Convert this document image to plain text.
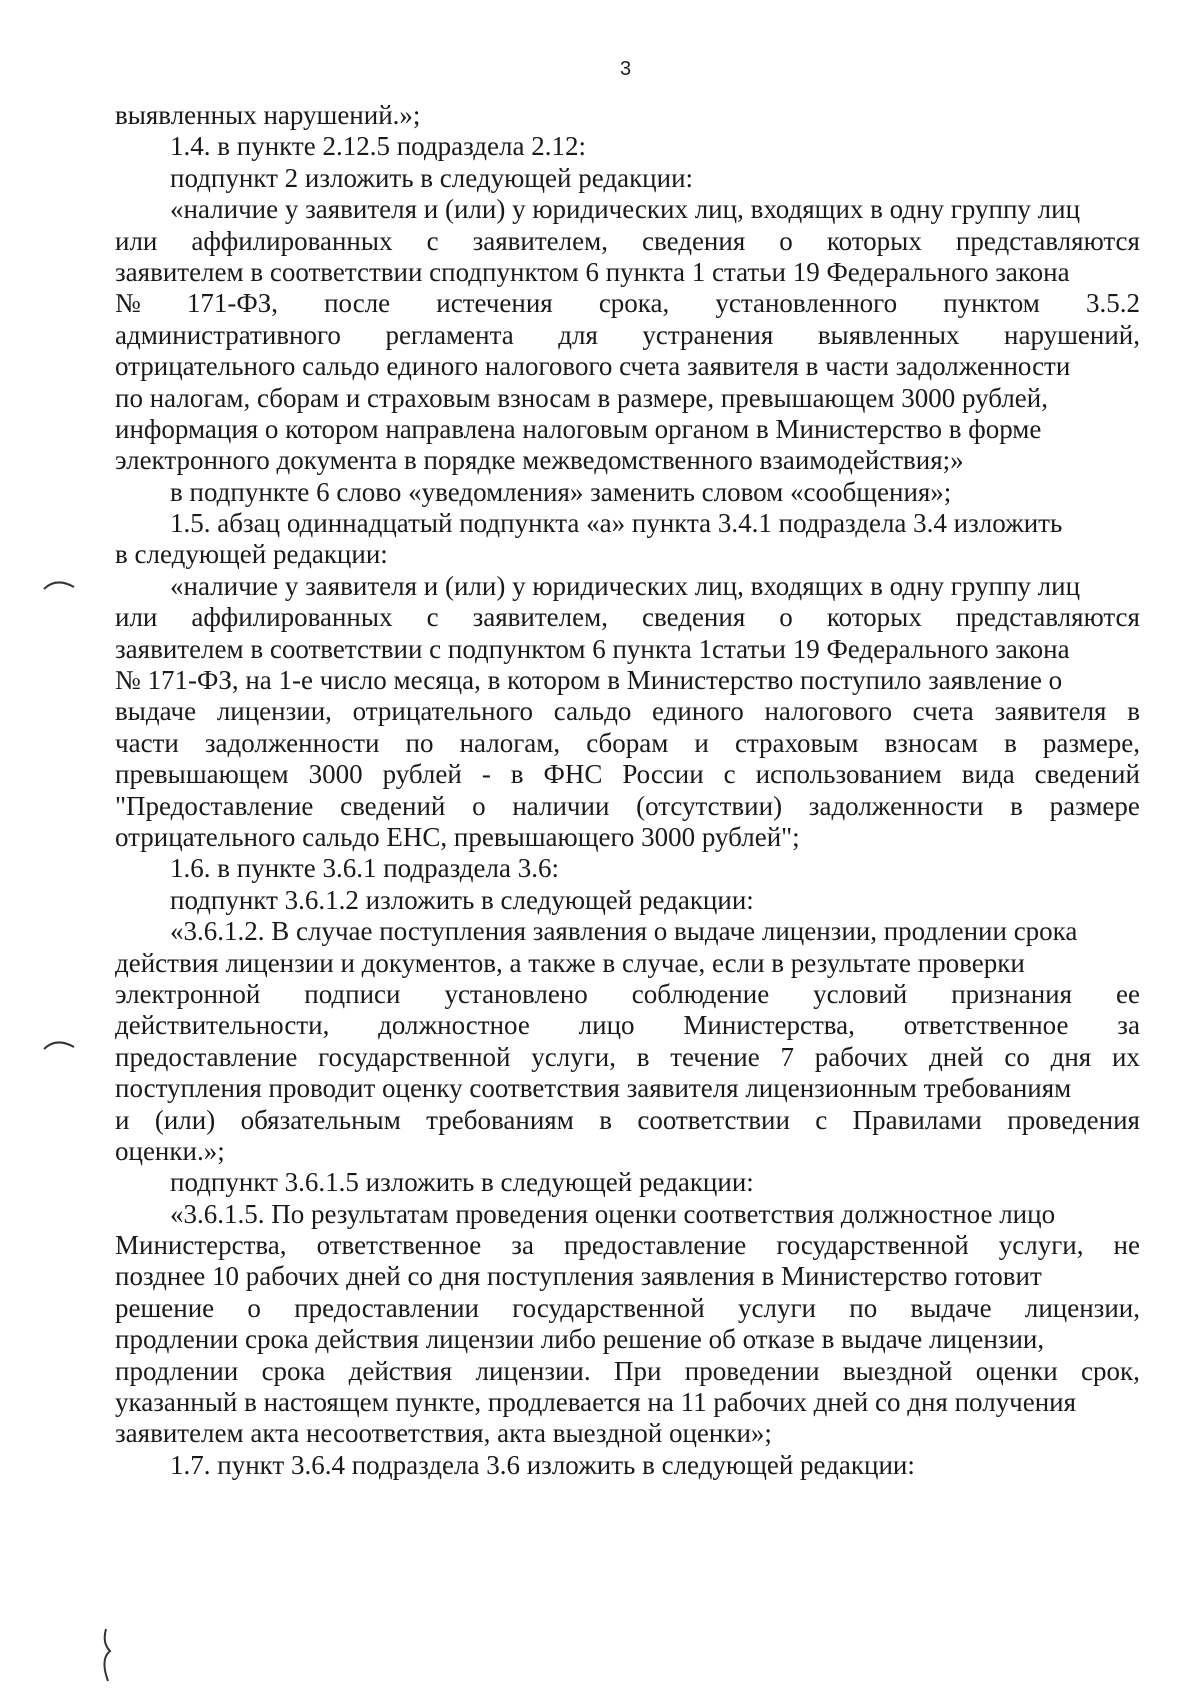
3
выявленных нарушений.»;
1.4. в пункте 2.12.5 подраздела 2.12:
подпункт 2 изложить в следующей редакции:
«наличие у заявителя и (или) у юридических лиц, входящих в одну группу лиц
или аффилированных с заявителем, сведения о которых представляются
заявителем в соответствии сподпунктом 6 пункта 1 статьи 19 Федерального закона
№ 171-ФЗ, после истечения срока, установленного пунктом 3.5.2
административного регламента для устранения выявленных нарушений,
отрицательного сальдо единого налогового счета заявителя в части задолженности
по налогам, сборам и страховым взносам в размере, превышающем 3000 рублей,
информация о котором направлена налоговым органом в Министерство в форме
электронного документа в порядке межведомственного взаимодействия;»
в подпункте 6 слово «уведомления» заменить словом «сообщения»;
1.5. абзац одиннадцатый подпункта «а» пункта 3.4.1 подраздела 3.4 изложить
в следующей редакции:
«наличие у заявителя и (или) у юридических лиц, входящих в одну группу лиц
или аффилированных с заявителем, сведения о которых представляются
заявителем в соответствии с подпунктом 6 пункта 1статьи 19 Федерального закона
№ 171-ФЗ, на 1-е число месяца, в котором в Министерство поступило заявление о
выдаче лицензии, отрицательного сальдо единого налогового счета заявителя в
части задолженности по налогам, сборам и страховым взносам в размере,
превышающем 3000 рублей - в ФНС России с использованием вида сведений
"Предоставление сведений о наличии (отсутствии) задолженности в размере
отрицательного сальдо ЕНС, превышающего 3000 рублей";
1.6. в пункте 3.6.1 подраздела 3.6:
подпункт 3.6.1.2 изложить в следующей редакции:
«3.6.1.2. В случае поступления заявления о выдаче лицензии, продлении срока
действия лицензии и документов, а также в случае, если в результате проверки
электронной подписи установлено соблюдение условий признания ее
действительности, должностное лицо Министерства, ответственное за
предоставление государственной услуги, в течение 7 рабочих дней со дня их
поступления проводит оценку соответствия заявителя лицензионным требованиям
и (или) обязательным требованиям в соответствии с Правилами проведения
оценки.»;
подпункт 3.6.1.5 изложить в следующей редакции:
«3.6.1.5. По результатам проведения оценки соответствия должностное лицо
Министерства, ответственное за предоставление государственной услуги, не
позднее 10 рабочих дней со дня поступления заявления в Министерство готовит
решение о предоставлении государственной услуги по выдаче лицензии,
продлении срока действия лицензии либо решение об отказе в выдаче лицензии,
продлении срока действия лицензии. При проведении выездной оценки срок,
указанный в настоящем пункте, продлевается на 11 рабочих дней со дня получения
заявителем акта несоответствия, акта выездной оценки»;
1.7. пункт 3.6.4 подраздела 3.6 изложить в следующей редакции:
